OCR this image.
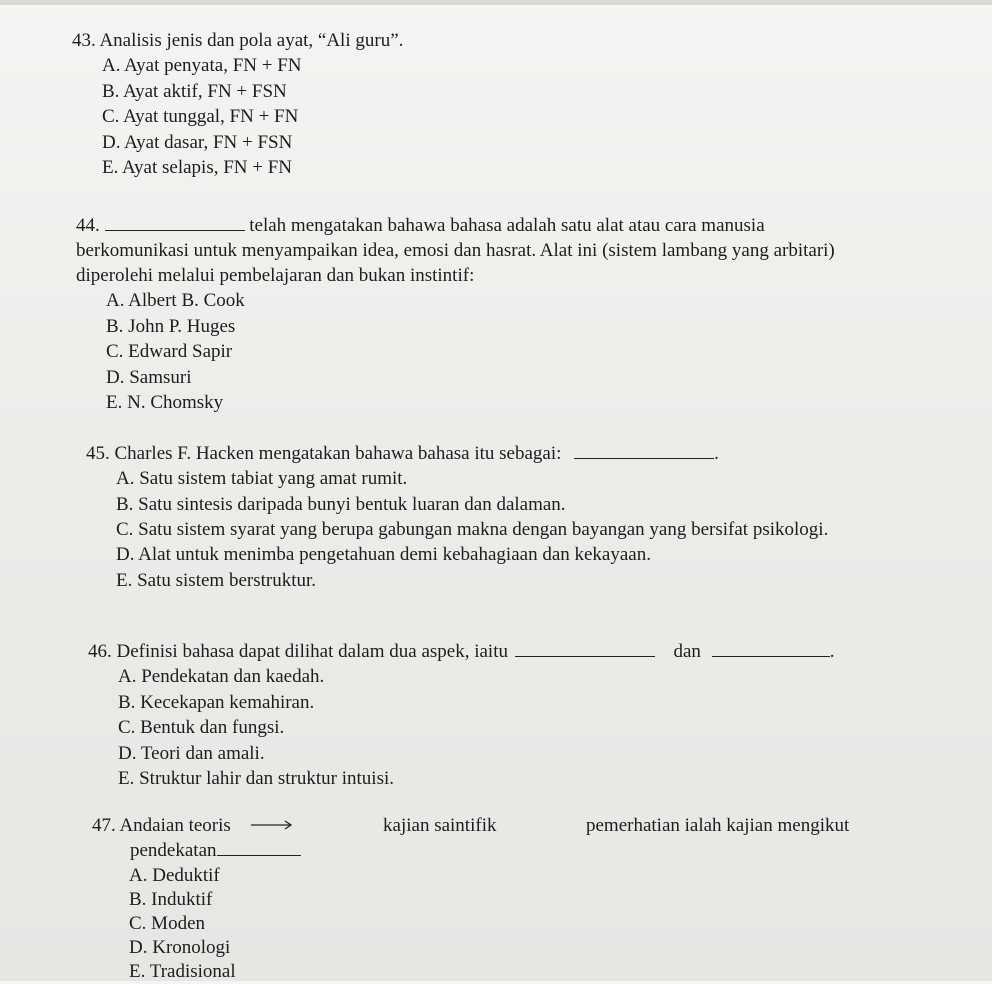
43. Analisis jenis dan pola ayat, “Ali guru”.
A. Ayat penyata, FN + FN
B. Ayat aktif, FN + FSN
C. Ayat tunggal, FN + FN
D. Ayat dasar, FN + FSN
E. Ayat selapis, FN + FN
44.	telah mengatakan bahawa bahasa adalah satu alat atau cara manusia
berkomunikasi untuk menyampaikan idea, emosi dan hasrat. Alat ini (sistem lambang yang arbitari) diperolehi melalui pembelajaran dan bukan instintif:
A. Albert B. Cook
B. John P. Huges
C. Edward Sapir
D. Samsuri
E. N. Chomsky
45. Charles F. Hacken mengatakan bahawa bahasa itu sebagai:	.
A. Satu sistem tabiat yang amat rumit.
B. Satu sintesis daripada bunyi bentuk luaran dan dalaman.
C. Satu sistem syarat yang berupa gabungan makna dengan bayangan yang bersifat psikologi.
D. Alat untuk menimba pengetahuan demi kebahagiaan dan kekayaan.
E. Satu sistem berstruktur.
46. Definisi bahasa dapat dilihat dalam dua aspek, iaitu	dan	.
A. Pendekatan dan kaedah.
B. Kecekapan kemahiran.
C. Bentuk dan fungsi.
D. Teori dan amali.
E. Struktur lahir dan struktur intuisi.
47. Andaian teoris	kajian saintifik	pemerhatian ialah kajian mengikut
pendekatan
A. Deduktif
B. Induktif
C. Moden
D. Kronologi
E. Tradisional
